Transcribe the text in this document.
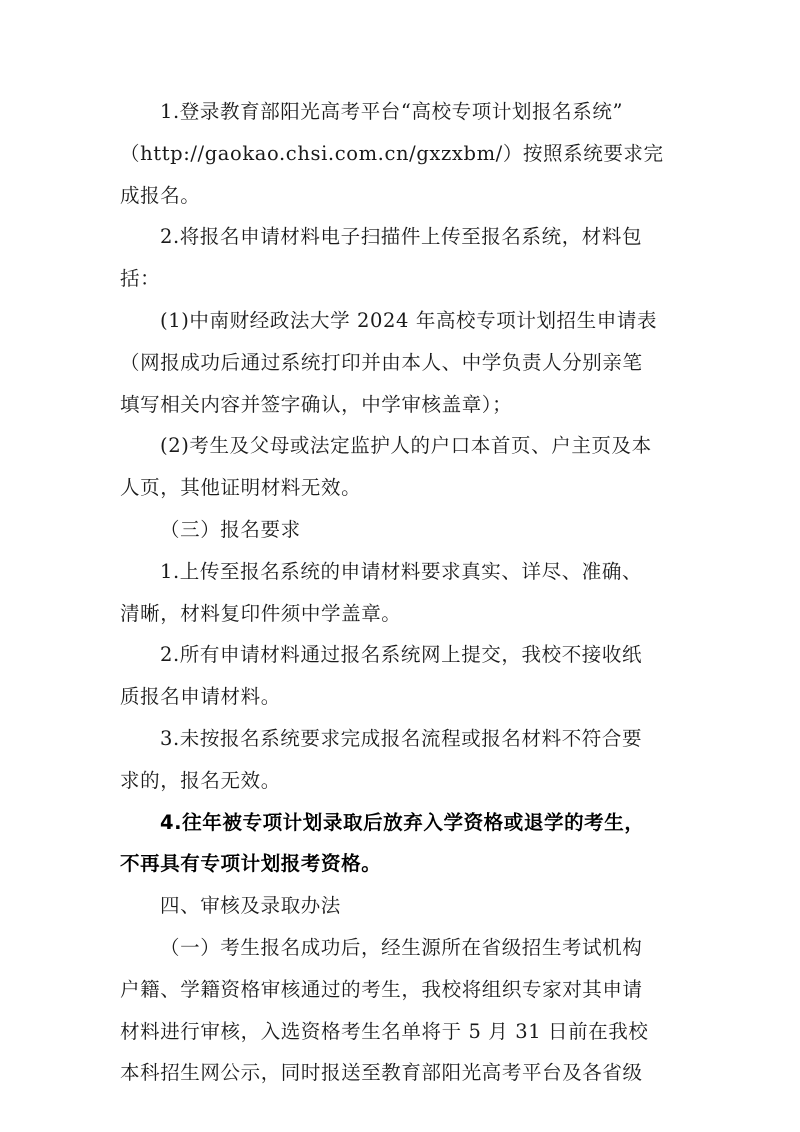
1.登录教育部阳光高考平台“高校专项计划报名系统”
（http://gaokao.chsi.com.cn/gxzxbm/）按照系统要求完
成报名。
2.将报名申请材料电子扫描件上传至报名系统，材料包
括：
(1)中南财经政法大学 2024 年高校专项计划招生申请表
（网报成功后通过系统打印并由本人、中学负责人分别亲笔
填写相关内容并签字确认，中学审核盖章）；
(2)考生及父母或法定监护人的户口本首页、户主页及本
人页，其他证明材料无效。
（三）报名要求
1.上传至报名系统的申请材料要求真实、详尽、准确、
清晰，材料复印件须中学盖章。
2.所有申请材料通过报名系统网上提交，我校不接收纸
质报名申请材料。
3.未按报名系统要求完成报名流程或报名材料不符合要
求的，报名无效。
4.往年被专项计划录取后放弃入学资格或退学的考生，
不再具有专项计划报考资格。
四、审核及录取办法
（一）考生报名成功后，经生源所在省级招生考试机构
户籍、学籍资格审核通过的考生，我校将组织专家对其申请
材料进行审核，入选资格考生名单将于 5 月 31 日前在我校
本科招生网公示，同时报送至教育部阳光高考平台及各省级
